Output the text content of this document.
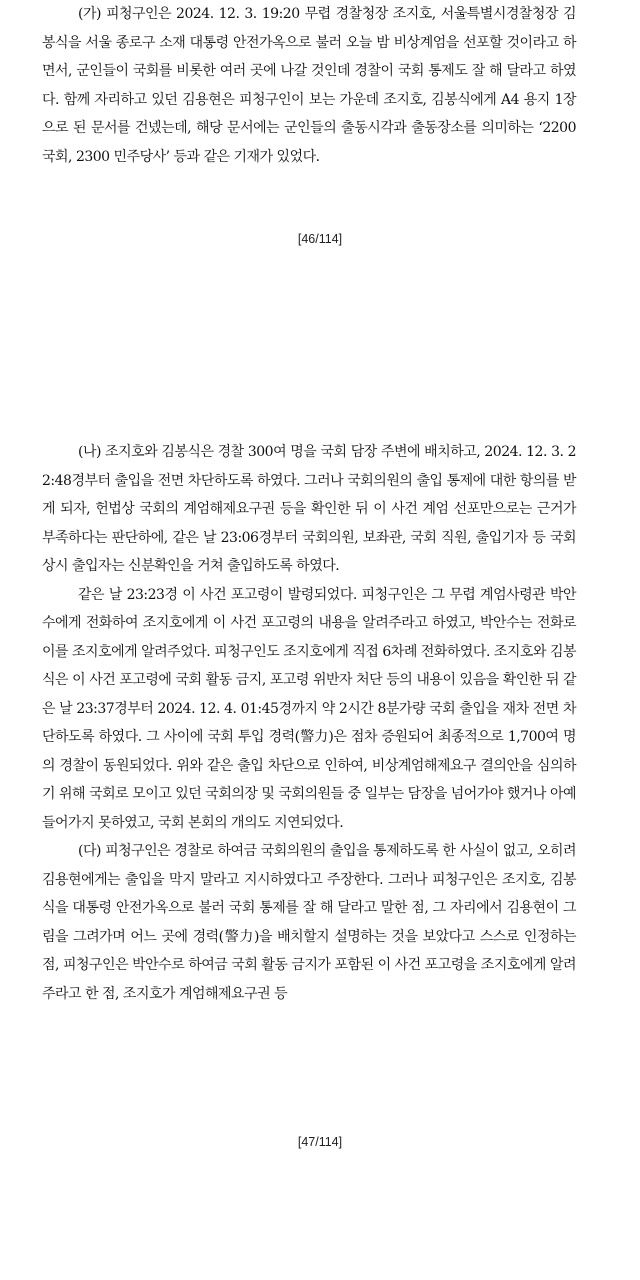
(가) 피청구인은 2024. 12. 3. 19:20 무렵 경찰청장 조지호, 서울특별시경찰청장 김봉식을 서울 종로구 소재 대통령 안전가옥으로 불러 오늘 밤 비상계엄을 선포할 것이라고 하면서, 군인들이 국회를 비롯한 여러 곳에 나갈 것인데 경찰이 국회 통제도 잘 해 달라고 하였다. 함께 자리하고 있던 김용현은 피청구인이 보는 가운데 조지호, 김봉식에게 A4 용지 1장으로 된 문서를 건넸는데, 해당 문서에는 군인들의 출동시각과 출동장소를 의미하는 ‘2200 국회, 2300 민주당사’ 등과 같은 기재가 있었다.

[46/114]

(나) 조지호와 김봉식은 경찰 300여 명을 국회 담장 주변에 배치하고, 2024. 12. 3. 22:48경부터 출입을 전면 차단하도록 하였다. 그러나 국회의원의 출입 통제에 대한 항의를 받게 되자, 헌법상 국회의 계엄해제요구권 등을 확인한 뒤 이 사건 계엄 선포만으로는 근거가 부족하다는 판단하에, 같은 날 23:06경부터 국회의원, 보좌관, 국회 직원, 출입기자 등 국회 상시 출입자는 신분확인을 거쳐 출입하도록 하였다.

같은 날 23:23경 이 사건 포고령이 발령되었다. 피청구인은 그 무렵 계엄사령관 박안수에게 전화하여 조지호에게 이 사건 포고령의 내용을 알려주라고 하였고, 박안수는 전화로 이를 조지호에게 알려주었다. 피청구인도 조지호에게 직접 6차례 전화하였다. 조지호와 김봉식은 이 사건 포고령에 국회 활동 금지, 포고령 위반자 처단 등의 내용이 있음을 확인한 뒤 같은 날 23:37경부터 2024. 12. 4. 01:45경까지 약 2시간 8분가량 국회 출입을 재차 전면 차단하도록 하였다. 그 사이에 국회 투입 경력(警力)은 점차 증원되어 최종적으로 1,700여 명의 경찰이 동원되었다. 위와 같은 출입 차단으로 인하여, 비상계엄해제요구 결의안을 심의하기 위해 국회로 모이고 있던 국회의장 및 국회의원들 중 일부는 담장을 넘어가야 했거나 아예 들어가지 못하였고, 국회 본회의 개의도 지연되었다.

(다) 피청구인은 경찰로 하여금 국회의원의 출입을 통제하도록 한 사실이 없고, 오히려 김용현에게는 출입을 막지 말라고 지시하였다고 주장한다. 그러나 피청구인은 조지호, 김봉식을 대통령 안전가옥으로 불러 국회 통제를 잘 해 달라고 말한 점, 그 자리에서 김용현이 그림을 그려가며 어느 곳에 경력(警力)을 배치할지 설명하는 것을 보았다고 스스로 인정하는 점, 피청구인은 박안수로 하여금 국회 활동 금지가 포함된 이 사건 포고령을 조지호에게 알려주라고 한 점, 조지호가 계엄해제요구권 등

[47/114]
